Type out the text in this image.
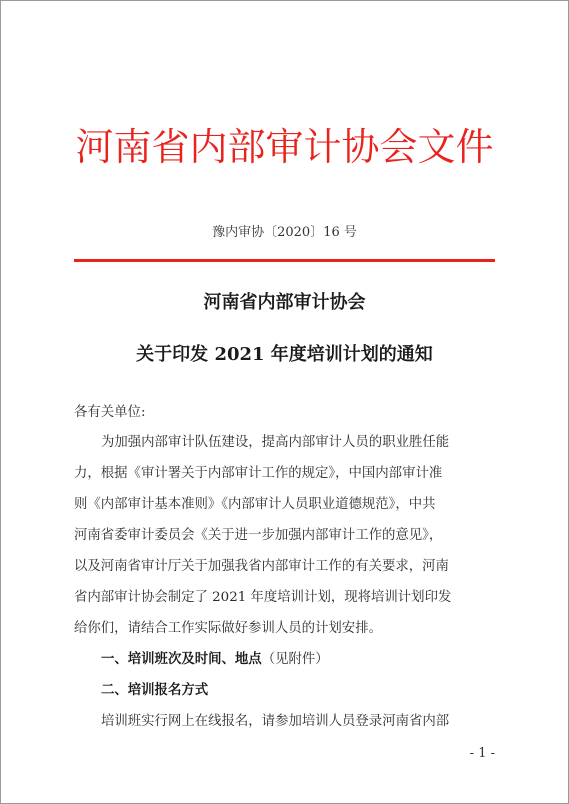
河南省内部审计协会文件
豫内审协〔2020〕16 号
河南省内部审计协会
关于印发 2021 年度培训计划的通知
各有关单位:
为加强内部审计队伍建设，提高内部审计人员的职业胜任能
力，根据《审计署关于内部审计工作的规定》，中国内部审计准
则《内部审计基本准则》《内部审计人员职业道德规范》，中共
河南省委审计委员会《关于进一步加强内部审计工作的意见》，
以及河南省审计厅关于加强我省内部审计工作的有关要求，河南
省内部审计协会制定了 2021 年度培训计划，现将培训计划印发
给你们，请结合工作实际做好参训人员的计划安排。
一、培训班次及时间、地点（见附件）
二、培训报名方式
培训班实行网上在线报名，请参加培训人员登录河南省内部
- 1 -
